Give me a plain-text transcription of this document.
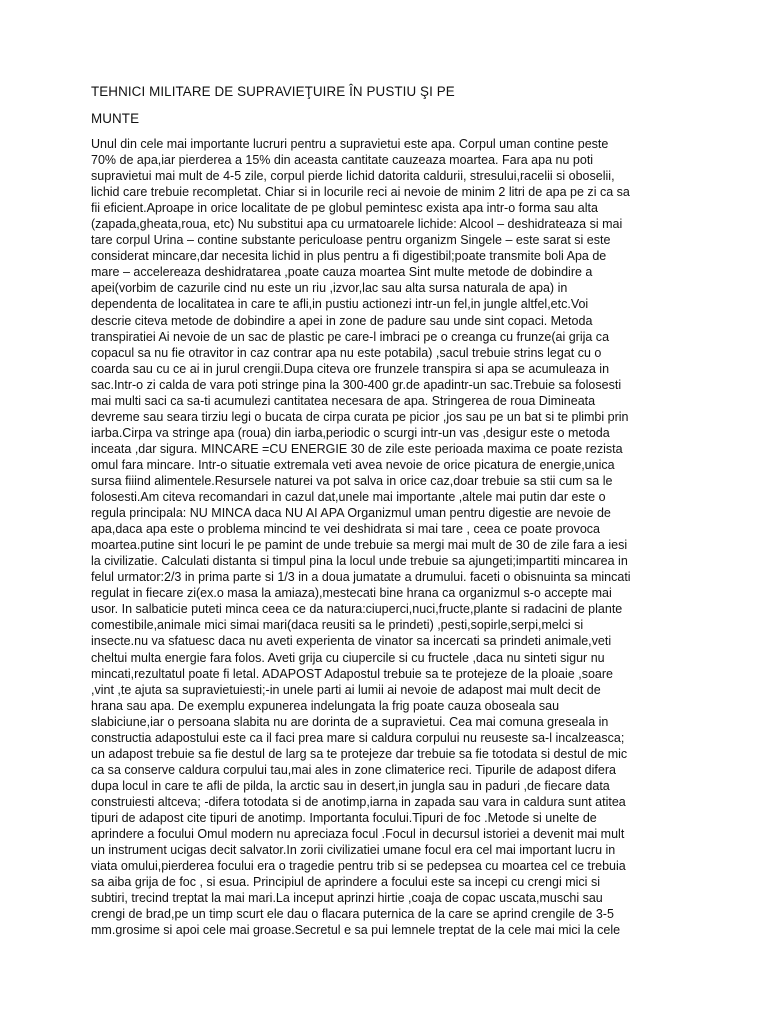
TEHNICI MILITARE DE SUPRAVIEŢUIRE ÎN PUSTIU ŞI PE
MUNTE
Unul din cele mai importante lucruri pentru a supravietui este apa. Corpul uman contine peste
70% de apa,iar pierderea a 15% din aceasta cantitate cauzeaza moartea. Fara apa nu poti
supravietui mai mult de 4-5 zile, corpul pierde lichid datorita caldurii, stresului,racelii si oboselii,
lichid care trebuie recompletat. Chiar si in locurile reci ai nevoie de minim 2 litri de apa pe zi ca sa
fii eficient.Aproape in orice localitate de pe globul pemintesc exista apa intr-o forma sau alta
(zapada,gheata,roua, etc) Nu substitui apa cu urmatoarele lichide: Alcool – deshidrateaza si mai
tare corpul Urina – contine substante periculoase pentru organizm Singele – este sarat si este
considerat mincare,dar necesita lichid in plus pentru a fi digestibil;poate transmite boli Apa de
mare – accelereaza deshidratarea ,poate cauza moartea Sint multe metode de dobindire a
apei(vorbim de cazurile cind nu este un riu ,izvor,lac sau alta sursa naturala de apa) in
dependenta de localitatea in care te afli,in pustiu actionezi intr-un fel,in jungle altfel,etc.Voi
descrie citeva metode de dobindire a apei in zone de padure sau unde sint copaci. Metoda
transpiratiei Ai nevoie de un sac de plastic pe care-l imbraci pe o creanga cu frunze(ai grija ca
copacul sa nu fie otravitor in caz contrar apa nu este potabila) ,sacul trebuie strins legat cu o
coarda sau cu ce ai in jurul crengii.Dupa citeva ore frunzele transpira si apa se acumuleaza in
sac.Intr-o zi calda de vara poti stringe pina la 300-400 gr.de apadintr-un sac.Trebuie sa folosesti
mai multi saci ca sa-ti acumulezi cantitatea necesara de apa. Stringerea de roua Dimineata
devreme sau seara tirziu legi o bucata de cirpa curata pe picior ,jos sau pe un bat si te plimbi prin
iarba.Cirpa va stringe apa (roua) din iarba,periodic o scurgi intr-un vas ,desigur este o metoda
inceata ,dar sigura. MINCARE =CU ENERGIE 30 de zile este perioada maxima ce poate rezista
omul fara mincare. Intr-o situatie extremala veti avea nevoie de orice picatura de energie,unica
sursa fiiind alimentele.Resursele naturei va pot salva in orice caz,doar trebuie sa stii cum sa le
folosesti.Am citeva recomandari in cazul dat,unele mai importante ,altele mai putin dar este o
regula principala: NU MINCA daca NU AI APA Organizmul uman pentru digestie are nevoie de
apa,daca apa este o problema mincind te vei deshidrata si mai tare , ceea ce poate provoca
moartea.putine sint locuri le pe pamint de unde trebuie sa mergi mai mult de 30 de zile fara a iesi
la civilizatie. Calculati distanta si timpul pina la locul unde trebuie sa ajungeti;impartiti mincarea in
felul urmator:2/3 in prima parte si 1/3 in a doua jumatate a drumului. faceti o obisnuinta sa mincati
regulat in fiecare zi(ex.o masa la amiaza),mestecati bine hrana ca organizmul s-o accepte mai
usor. In salbaticie puteti minca ceea ce da natura:ciuperci,nuci,fructe,plante si radacini de plante
comestibile,animale mici simai mari(daca reusiti sa le prindeti) ,pesti,sopirle,serpi,melci si
insecte.nu va sfatuesc daca nu aveti experienta de vinator sa incercati sa prindeti animale,veti
cheltui multa energie fara folos. Aveti grija cu ciupercile si cu fructele ,daca nu sinteti sigur nu
mincati,rezultatul poate fi letal. ADAPOST Adapostul trebuie sa te protejeze de la ploaie ,soare
,vint ,te ajuta sa supravietuiesti;-in unele parti ai lumii ai nevoie de adapost mai mult decit de
hrana sau apa. De exemplu expunerea indelungata la frig poate cauza oboseala sau
slabiciune,iar o persoana slabita nu are dorinta de a supravietui. Cea mai comuna greseala in
constructia adapostului este ca il faci prea mare si caldura corpului nu reuseste sa-l incalzeasca;
un adapost trebuie sa fie destul de larg sa te protejeze dar trebuie sa fie totodata si destul de mic
ca sa conserve caldura corpului tau,mai ales in zone climaterice reci. Tipurile de adapost difera
dupa locul in care te afli de pilda, la arctic sau in desert,in jungla sau in paduri ,de fiecare data
construiesti altceva; -difera totodata si de anotimp,iarna in zapada sau vara in caldura sunt atitea
tipuri de adapost cite tipuri de anotimp. Importanta focului.Tipuri de foc .Metode si unelte de
aprindere a focului Omul modern nu apreciaza focul .Focul in decursul istoriei a devenit mai mult
un instrument ucigas decit salvator.In zorii civilizatiei umane focul era cel mai important lucru in
viata omului,pierderea focului era o tragedie pentru trib si se pedepsea cu moartea cel ce trebuia
sa aiba grija de foc , si esua. Principiul de aprindere a focului este sa incepi cu crengi mici si
subtiri, trecind treptat la mai mari.La inceput aprinzi hirtie ,coaja de copac uscata,muschi sau
crengi de brad,pe un timp scurt ele dau o flacara puternica de la care se aprind crengile de 3-5
mm.grosime si apoi cele mai groase.Secretul e sa pui lemnele treptat de la cele mai mici la cele
